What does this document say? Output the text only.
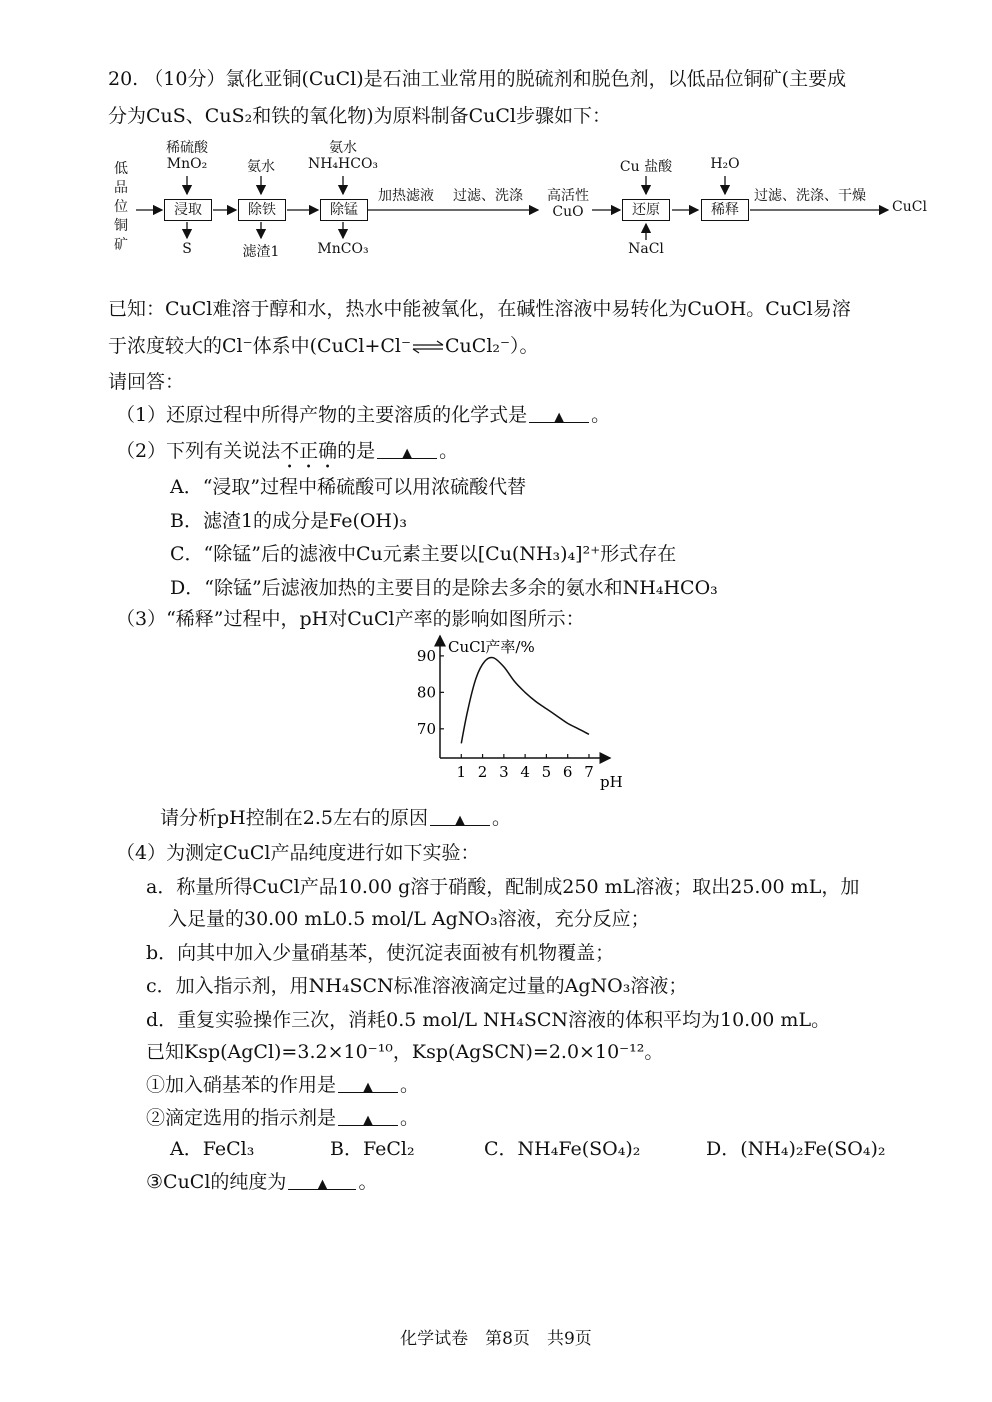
20. （10分）氯化亚铜(CuCl)是石油工业常用的脱硫剂和脱色剂，以低品位铜矿(主要成
分为CuS、CuS₂和铁的氧化物)为原料制备CuCl步骤如下：
低
品
位
铜
矿
浸取	除铁	除锰	还原	稀释
稀硫酸
MnO₂	氨水
氨水
NH₄HCO₃	Cu 盐酸	H₂O
加热滤液 过滤、洗涤	高活性
CuO
过滤、洗涤、干燥
CuCl
S	滤渣1	MnCO₃	NaCl
已知：CuCl难溶于醇和水，热水中能被氧化，在碱性溶液中易转化为CuOH。CuCl易溶
于浓度较大的Cl⁻体系中(CuCl+Cl⁻⇌CuCl₂⁻）。
请回答：
（1）还原过程中所得产物的主要溶质的化学式是 ▲ 。
（2）下列有关说法不正确的是 ▲ 。
A．“浸取”过程中稀硫酸可以用浓硫酸代替
B．滤渣1的成分是Fe(OH)₃
C．“除锰”后的滤液中Cu元素主要以[Cu(NH₃)₄]²⁺形式存在
D．“除锰”后滤液加热的主要目的是除去多余的氨水和NH₄HCO₃
（3）“稀释”过程中，pH对CuCl产率的影响如图所示：
CuCl产率/%
pH
1 2 3 4 5 6 7
70
80
90
请分析pH控制在2.5左右的原因 ▲ 。
（4）为测定CuCl产品纯度进行如下实验：
a．称量所得CuCl产品10.00 g溶于硝酸，配制成250 mL溶液；取出25.00 mL，加
入足量的30.00 mL0.5 mol/L AgNO₃溶液，充分反应；
b．向其中加入少量硝基苯，使沉淀表面被有机物覆盖；
c．加入指示剂，用NH₄SCN标准溶液滴定过量的AgNO₃溶液；
d．重复实验操作三次，消耗0.5 mol/L NH₄SCN溶液的体积平均为10.00 mL。
已知Ksp(AgCl)=3.2×10⁻¹⁰，Ksp(AgSCN)=2.0×10⁻¹²。
①加入硝基苯的作用是 ▲ 。
②滴定选用的指示剂是 ▲ 。
A．FeCl₃	B．FeCl₂	C．NH₄Fe(SO₄)₂	D．(NH₄)₂Fe(SO₄)₂
③CuCl的纯度为 ▲ 。
化学试卷　第8页　共9页
